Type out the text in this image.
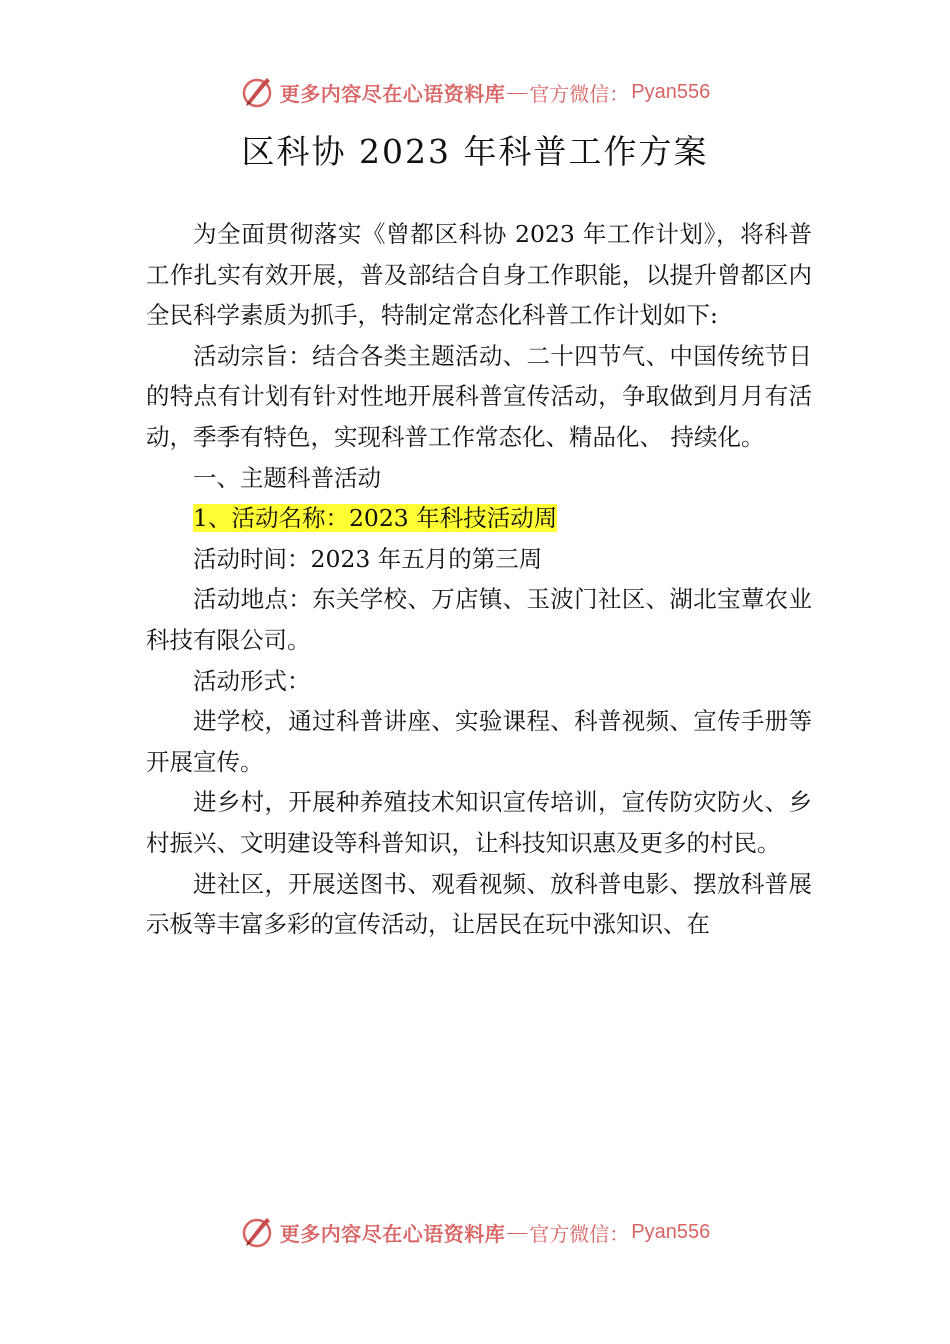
更多内容尽在心语资料库 — 官方微信： Pyan556
区科协 2023 年科普工作方案

为全面贯彻落实《曾都区科协 2023 年工作计划》，将科普工作扎实有效开展，普及部结合自身工作职能，以提升曾都区内全民科学素质为抓手，特制定常态化科普工作计划如下:

活动宗旨：结合各类主题活动、二十四节气、中国传统节日的特点有计划有针对性地开展科普宣传活动，争取做到月月有活动，季季有特色，实现科普工作常态化、精品化、 持续化。

一、主题科普活动

1、活动名称：2023 年科技活动周

活动时间：2023 年五月的第三周

活动地点：东关学校、万店镇、玉波门社区、湖北宝蕈农业科技有限公司。

活动形式：

进学校，通过科普讲座、实验课程、科普视频、宣传手册等开展宣传。

进乡村，开展种养殖技术知识宣传培训，宣传防灾防火、乡村振兴、文明建设等科普知识，让科技知识惠及更多的村民。

进社区，开展送图书、观看视频、放科普电影、摆放科普展示板等丰富多彩的宣传活动，让居民在玩中涨知识、在

更多内容尽在心语资料库 — 官方微信： Pyan556
